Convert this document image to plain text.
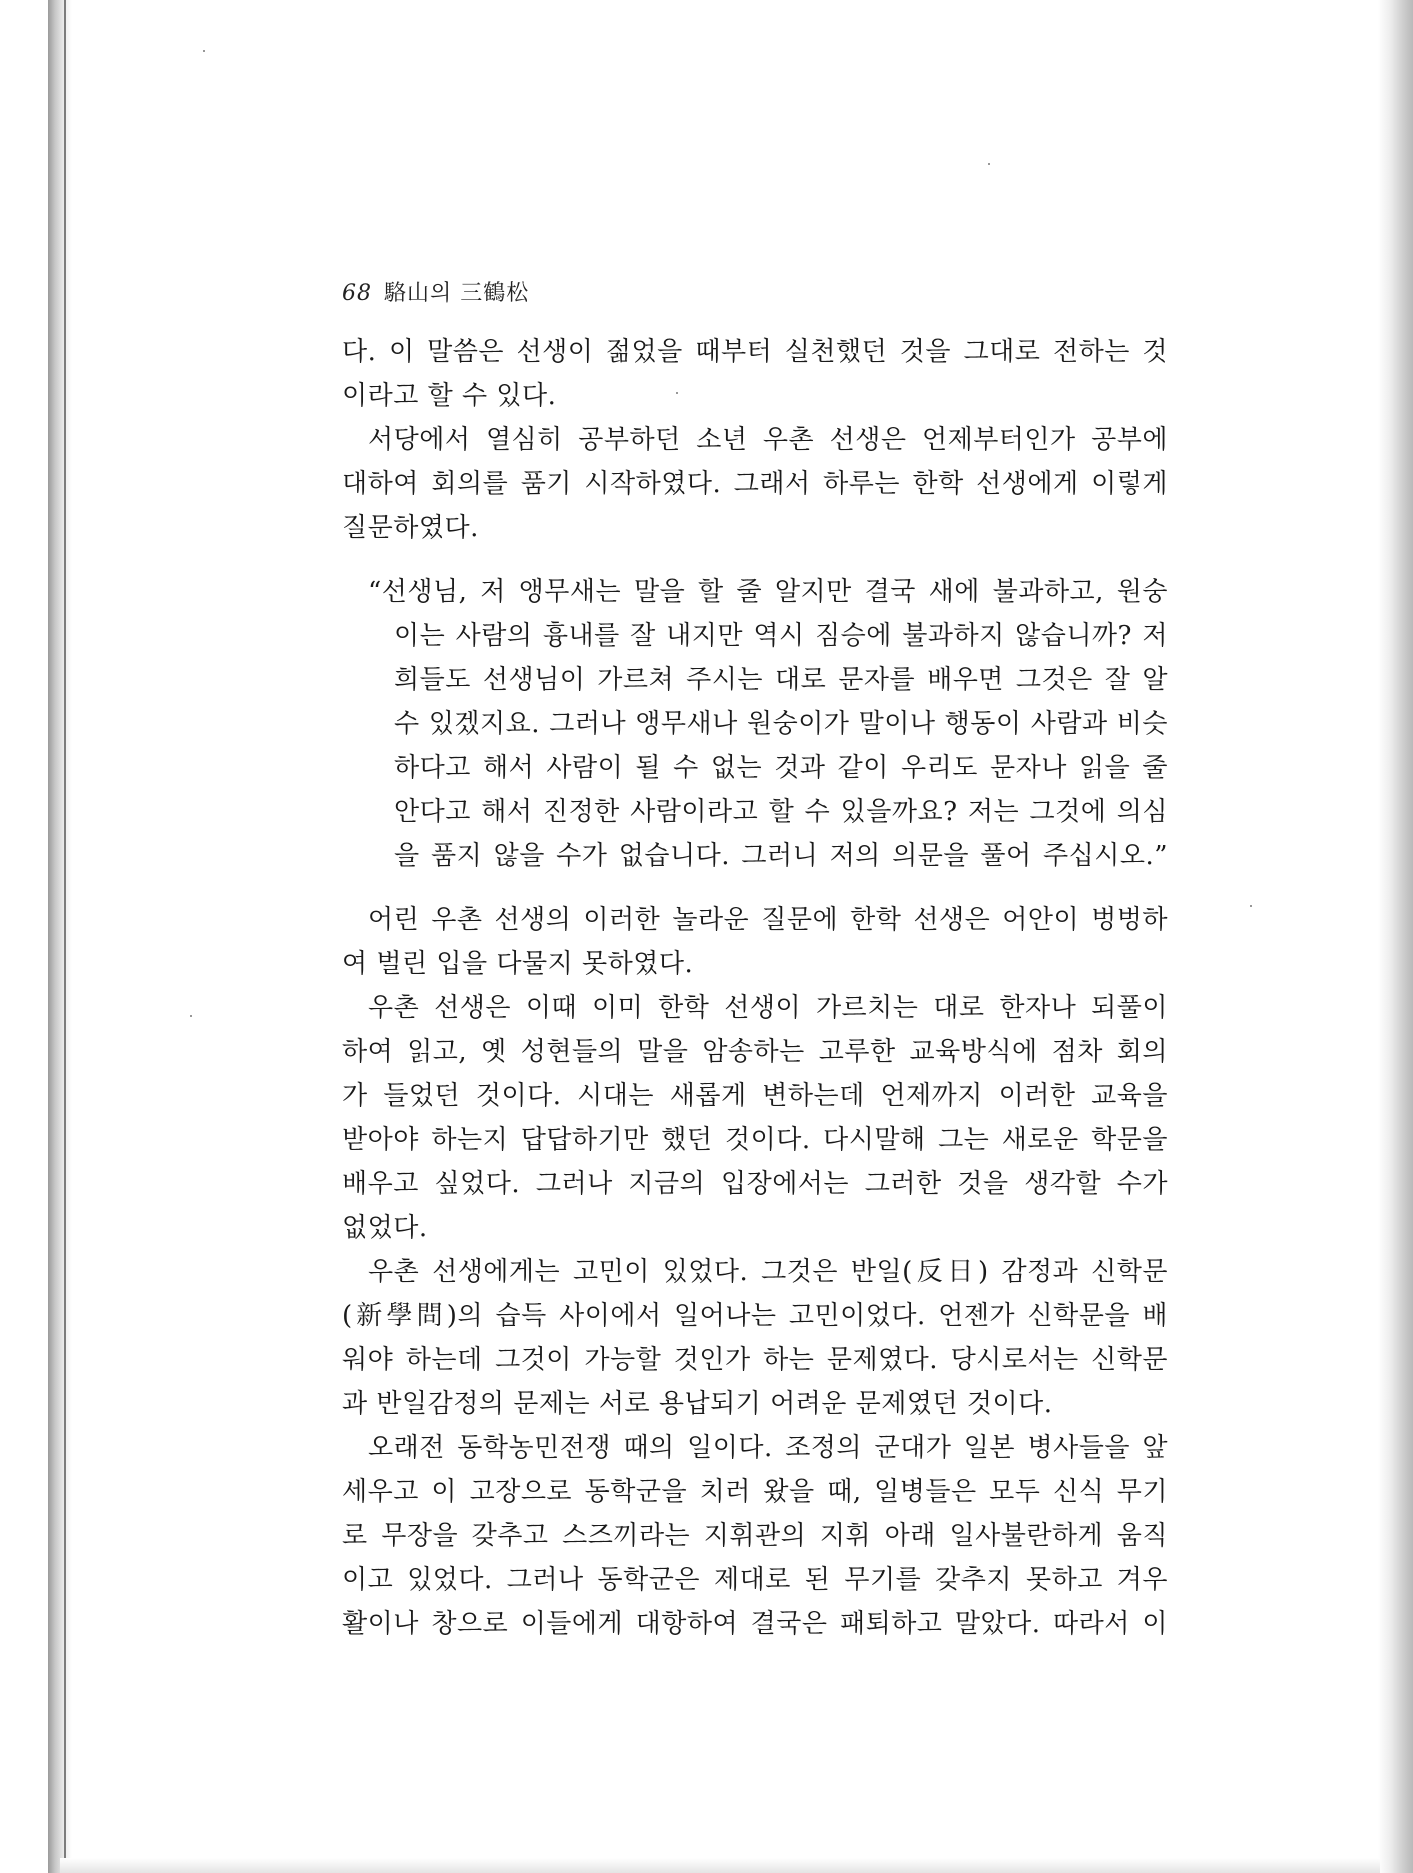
68 駱山의 三鶴松
다. 이 말씀은 선생이 젊었을 때부터 실천했던 것을 그대로 전하는 것
이라고 할 수 있다.
서당에서 열심히 공부하던 소년 우촌 선생은 언제부터인가 공부에
대하여 회의를 품기 시작하였다. 그래서 하루는 한학 선생에게 이렇게
질문하였다.
“선생님, 저 앵무새는 말을 할 줄 알지만 결국 새에 불과하고, 원숭
이는 사람의 흉내를 잘 내지만 역시 짐승에 불과하지 않습니까? 저
희들도 선생님이 가르쳐 주시는 대로 문자를 배우면 그것은 잘 알
수 있겠지요. 그러나 앵무새나 원숭이가 말이나 행동이 사람과 비슷
하다고 해서 사람이 될 수 없는 것과 같이 우리도 문자나 읽을 줄
안다고 해서 진정한 사람이라고 할 수 있을까요? 저는 그것에 의심
을 품지 않을 수가 없습니다. 그러니 저의 의문을 풀어 주십시오.”
어린 우촌 선생의 이러한 놀라운 질문에 한학 선생은 어안이 벙벙하
여 벌린 입을 다물지 못하였다.
우촌 선생은 이때 이미 한학 선생이 가르치는 대로 한자나 되풀이
하여 읽고, 옛 성현들의 말을 암송하는 고루한 교육방식에 점차 회의
가 들었던 것이다. 시대는 새롭게 변하는데 언제까지 이러한 교육을
받아야 하는지 답답하기만 했던 것이다. 다시말해 그는 새로운 학문을
배우고 싶었다. 그러나 지금의 입장에서는 그러한 것을 생각할 수가
없었다.
우촌 선생에게는 고민이 있었다. 그것은 반일(反日) 감정과 신학문
(新學問)의 습득 사이에서 일어나는 고민이었다. 언젠가 신학문을 배
워야 하는데 그것이 가능할 것인가 하는 문제였다. 당시로서는 신학문
과 반일감정의 문제는 서로 용납되기 어려운 문제였던 것이다.
오래전 동학농민전쟁 때의 일이다. 조정의 군대가 일본 병사들을 앞
세우고 이 고장으로 동학군을 치러 왔을 때, 일병들은 모두 신식 무기
로 무장을 갖추고 스즈끼라는 지휘관의 지휘 아래 일사불란하게 움직
이고 있었다. 그러나 동학군은 제대로 된 무기를 갖추지 못하고 겨우
활이나 창으로 이들에게 대항하여 결국은 패퇴하고 말았다. 따라서 이
